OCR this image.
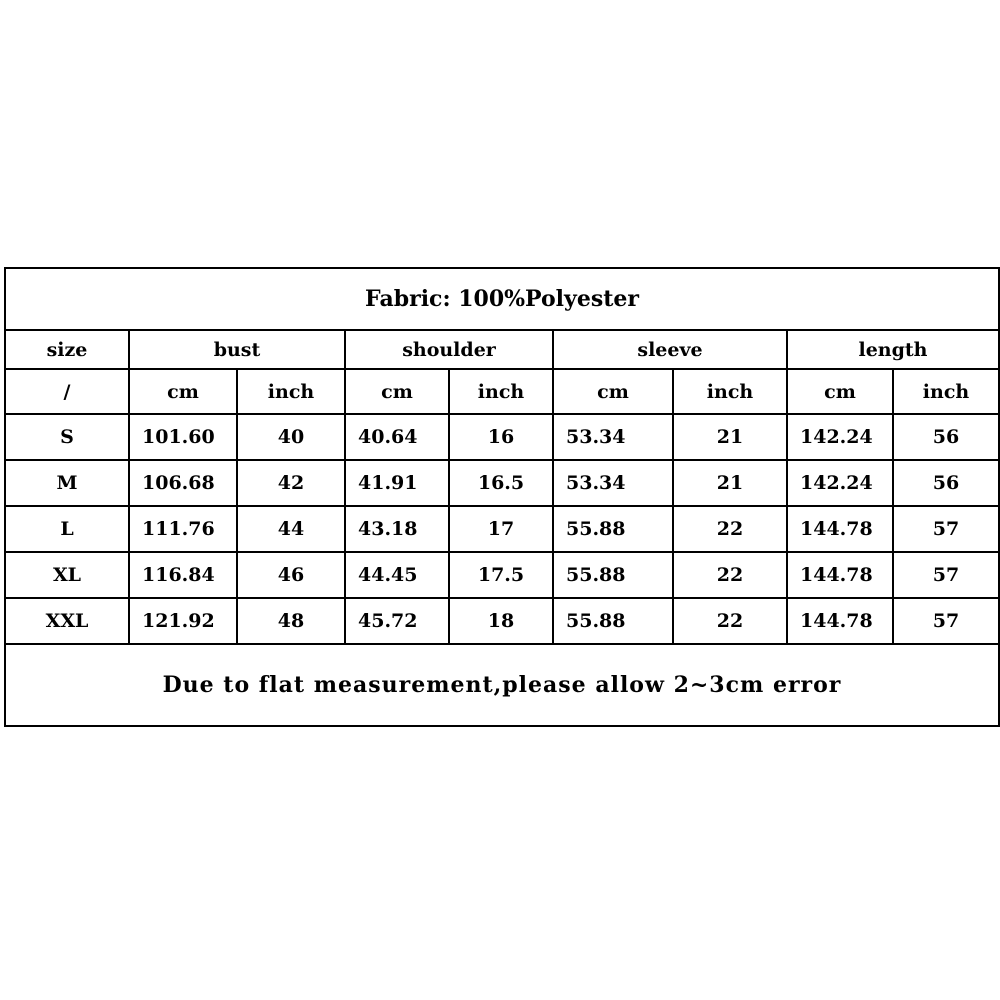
Fabric: 100%Polyester								
size	bust		shoulder		sleeve		length	
/	cm	inch	cm	inch	cm	inch	cm	inch
S	101.60	40	40.64	16	53.34	21	142.24	56
M	106.68	42	41.91	16.5	53.34	21	142.24	56
L	111.76	44	43.18	17	55.88	22	144.78	57
XL	116.84	46	44.45	17.5	55.88	22	144.78	57
XXL	121.92	48	45.72	18	55.88	22	144.78	57
Due to flat measurement,please allow 2~3cm error								
